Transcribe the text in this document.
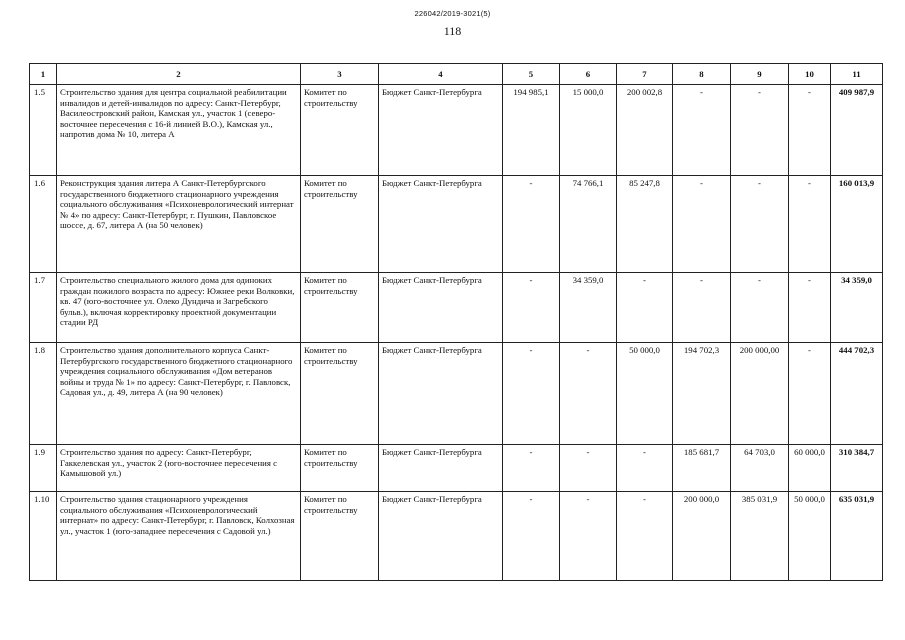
226042/2019-3021(5)
118
1	2	3	4	5	6	7	8	9	10	11
1.5	Строительство здания для центра социальной реабилитации инвалидов и детей-инвалидов по адресу: Санкт-Петербург, Василеостровский район, Камская ул., участок 1 (северо-восточнее пересечения с 16-й линией В.О.), Камская ул., напротив дома № 10, литера А	Комитет по строительству	Бюджет Санкт-Петербурга	194 985,1	15 000,0	200 002,8	-	-	-	409 987,9
1.6	Реконструкция здания литера А Санкт-Петербургского государственного бюджетного стационарного учреждения социального обслуживания «Психоневрологический интернат № 4» по адресу: Санкт-Петербург, г. Пушкин, Павловское шоссе, д. 67, литера А (на 50 человек)	Комитет по строительству	Бюджет Санкт-Петербурга	-	74 766,1	85 247,8	-	-	-	160 013,9
1.7	Строительство специального жилого дома для одиноких граждан пожилого возраста по адресу: Южнее реки Волковки, кв. 47 (юго-восточнее ул. Олеко Дундича и Загребского бульв.), включая корректировку проектной документации стадии РД	Комитет по строительству	Бюджет Санкт-Петербурга	-	34 359,0	-	-	-	-	34 359,0
1.8	Строительство здания дополнительного корпуса Санкт-Петербургского государственного бюджетного стационарного учреждения социального обслуживания «Дом ветеранов войны и труда № 1» по адресу: Санкт-Петербург, г. Павловск, Садовая ул., д. 49, литера А (на 90 человек)	Комитет по строительству	Бюджет Санкт-Петербурга	-	-	50 000,0	194 702,3	200 000,00	-	444 702,3
1.9	Строительство здания по адресу: Санкт-Петербург, Гаккелевская ул., участок 2 (юго-восточнее пересечения с Камышовой ул.)	Комитет по строительству	Бюджет Санкт-Петербурга	-	-	-	185 681,7	64 703,0	60 000,0	310 384,7
1.10	Строительство здания стационарного учреждения социального обслуживания «Психоневрологический интернат» по адресу: Санкт-Петербург, г. Павловск, Колхозная ул., участок 1 (юго-западнее пересечения с Садовой ул.)	Комитет по строительству	Бюджет Санкт-Петербурга	-	-	-	200 000,0	385 031,9	50 000,0	635 031,9
